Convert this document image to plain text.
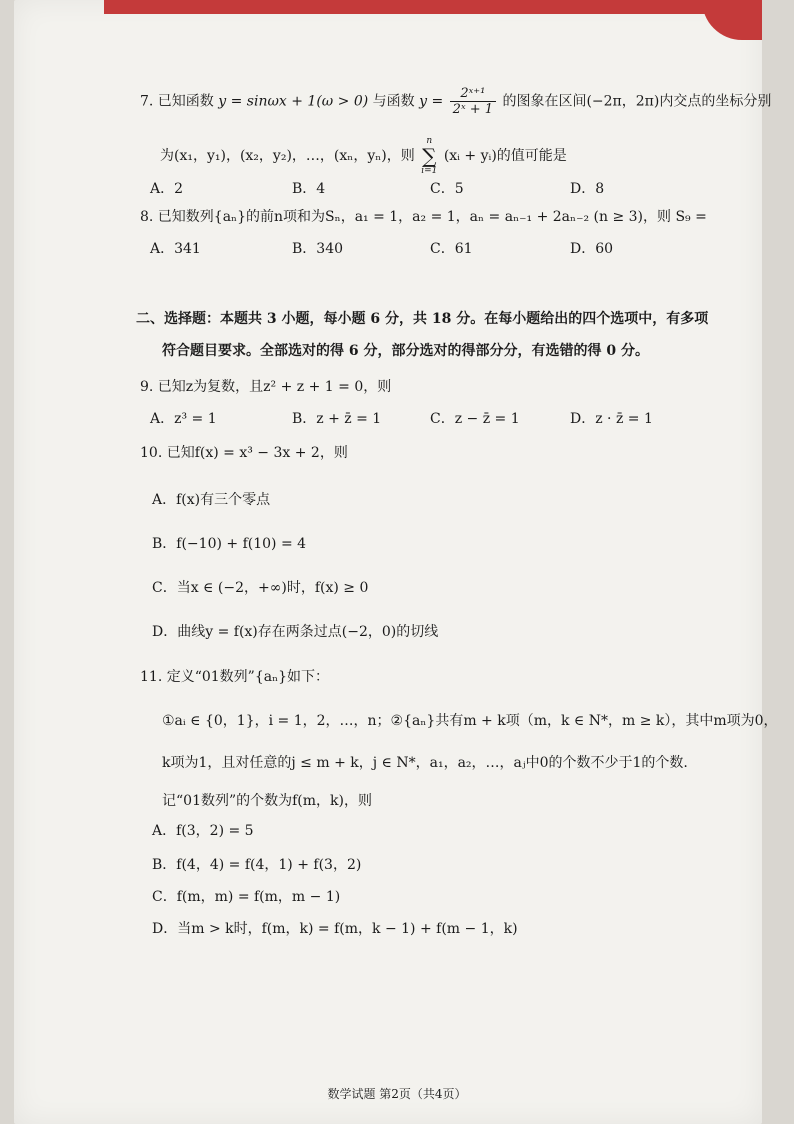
7. 已知函数 y = sinωx + 1(ω > 0) 与函数 $y = \frac{\text{2ˣ⁺¹}}{\text{2ˣ + 1}}$ 的图象在区间(−2π，2π)内交点的坐标分别
为(x₁，y₁)，(x₂，y₂)，…，(xₙ，yₙ)，则
n
∑
i=1
(xᵢ + yᵢ)的值可能是
A．2	B．4	C．5	D．8
8. 已知数列{aₙ}的前n项和为Sₙ，a₁ = 1，a₂ = 1，aₙ = aₙ₋₁ + 2aₙ₋₂ (n ≥ 3)，则 S₉ =
A．341	B．340	C．61	D．60
二、选择题：本题共 3 小题，每小题 6 分，共 18 分。在每小题给出的四个选项中，有多项
符合题目要求。全部选对的得 6 分，部分选对的得部分分，有选错的得 0 分。
9. 已知z为复数，且z² + z + 1 = 0，则
A．z³ = 1	B．z + z̄ = 1	C．z − z̄ = 1	D．z · z̄ = 1
10. 已知f(x) = x³ − 3x + 2，则
A．f(x)有三个零点
B．f(−10) + f(10) = 4
C．当x ∈ (−2，+∞)时，f(x) ≥ 0
D．曲线y = f(x)存在两条过点(−2，0)的切线
11. 定义“01数列”{aₙ}如下：
①aᵢ ∈ {0，1}，i = 1，2，…，n；②{aₙ}共有m + k项（m，k ∈ N*，m ≥ k），其中m项为0，
k项为1，且对任意的j ≤ m + k，j ∈ N*，a₁，a₂，…，aⱼ中0的个数不少于1的个数.
记“01数列”的个数为f(m，k)，则
A．f(3，2) = 5
B．f(4，4) = f(4，1) + f(3，2)
C．f(m，m) = f(m，m − 1)
D．当m > k时，f(m，k) = f(m，k − 1) + f(m − 1，k)
数学试题 第2页（共4页）
